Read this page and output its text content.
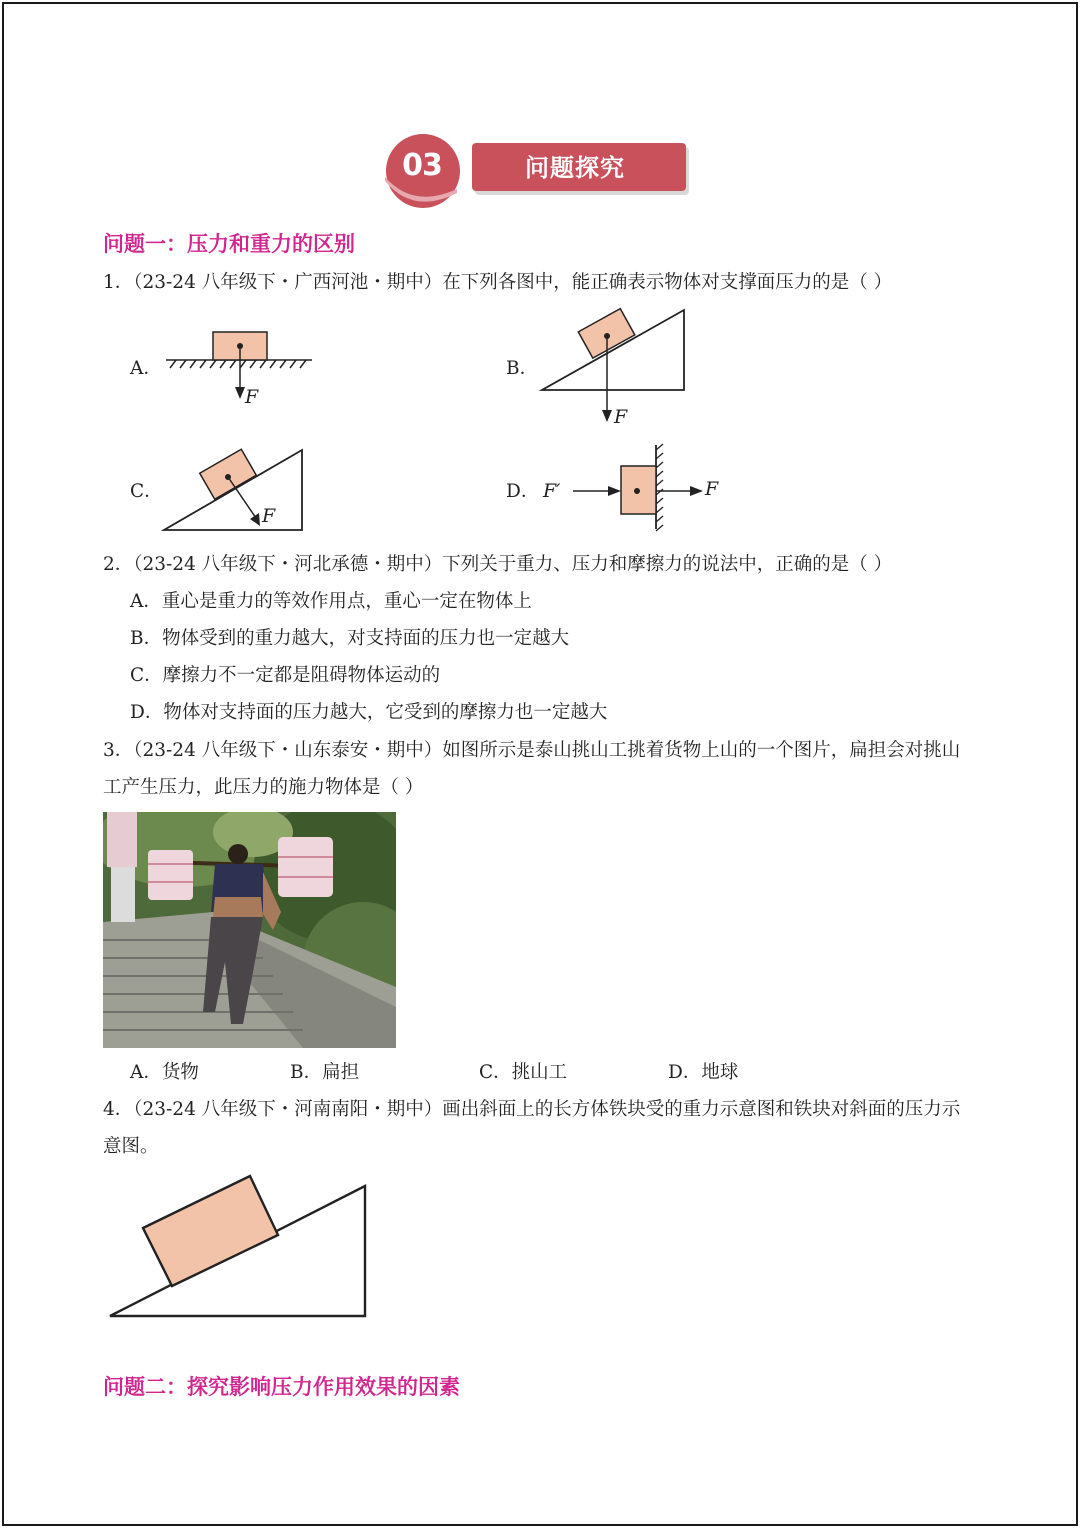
03	问题探究
问题一：压力和重力的区别
1．（23-24 八年级下・广西河池・期中）在下列各图中，能正确表示物体对支撑面压力的是（ ）
A．	B．
C．	D．
F
F
F
F′	F
2．（23-24 八年级下・河北承德・期中）下列关于重力、压力和摩擦力的说法中，正确的是（ ）
A．重心是重力的等效作用点，重心一定在物体上
B．物体受到的重力越大，对支持面的压力也一定越大
C．摩擦力不一定都是阻碍物体运动的
D．物体对支持面的压力越大，它受到的摩擦力也一定越大
3．（23-24 八年级下・山东泰安・期中）如图所示是泰山挑山工挑着货物上山的一个图片，扁担会对挑山
工产生压力，此压力的施力物体是（ ）
A．货物	B．扁担	C．挑山工	D．地球
4．（23-24 八年级下・河南南阳・期中）画出斜面上的长方体铁块受的重力示意图和铁块对斜面的压力示
意图。
问题二：探究影响压力作用效果的因素
